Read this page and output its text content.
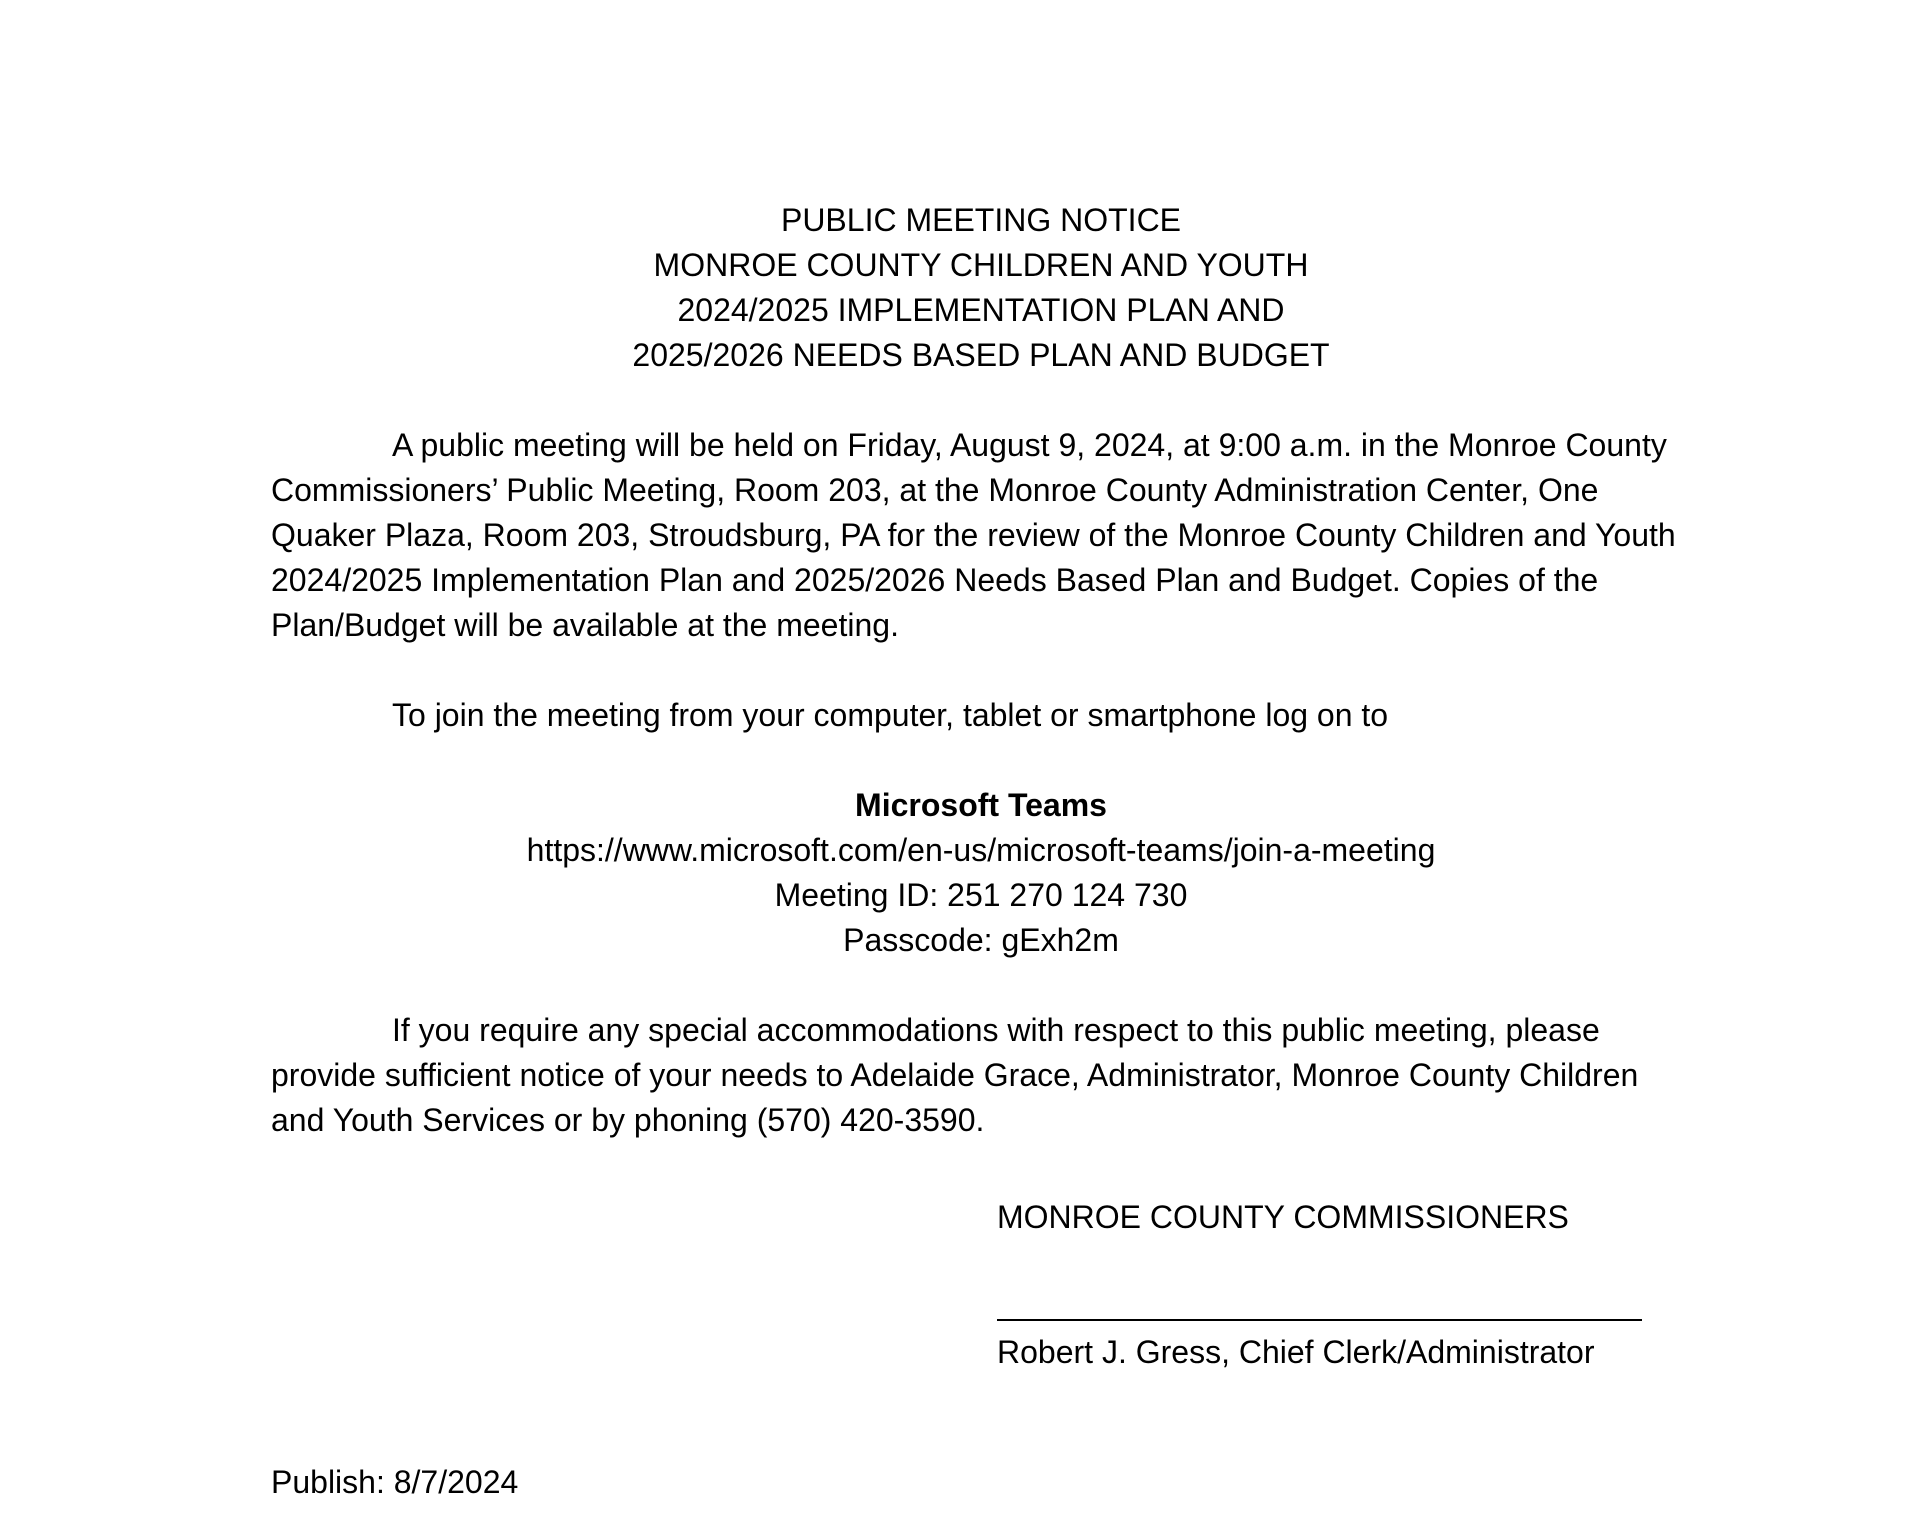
PUBLIC MEETING NOTICE
MONROE COUNTY CHILDREN AND YOUTH
2024/2025 IMPLEMENTATION PLAN AND
2025/2026 NEEDS BASED PLAN AND BUDGET

A public meeting will be held on Friday, August 9, 2024, at 9:00 a.m. in the Monroe County Commissioners’ Public Meeting, Room 203, at the Monroe County Administration Center, One Quaker Plaza, Room 203, Stroudsburg, PA for the review of the Monroe County Children and Youth 2024/2025 Implementation Plan and 2025/2026 Needs Based Plan and Budget. Copies of the Plan/Budget will be available at the meeting.

To join the meeting from your computer, tablet or smartphone log on to

Microsoft Teams
https://www.microsoft.com/en-us/microsoft-teams/join-a-meeting
Meeting ID: 251 270 124 730
Passcode: gExh2m

If you require any special accommodations with respect to this public meeting, please provide sufficient notice of your needs to Adelaide Grace, Administrator, Monroe County Children and Youth Services or by phoning (570) 420-3590.

MONROE COUNTY COMMISSIONERS
Robert J. Gress, Chief Clerk/Administrator
Publish: 8/7/2024
